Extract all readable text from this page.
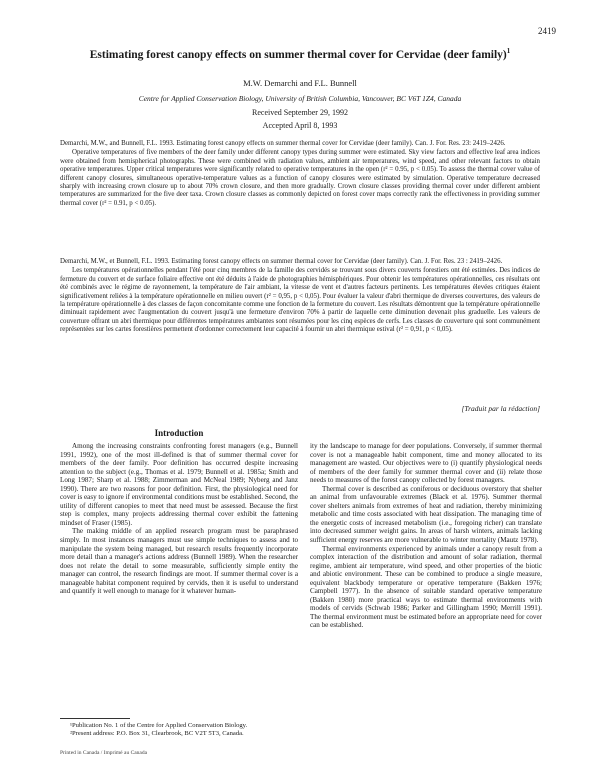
2419
Estimating forest canopy effects on summer thermal cover for Cervidae (deer family)$^1$
M.W. Demarchi and F.L. Bunnell
Centre for Applied Conservation Biology, University of British Columbia, Vancouver, BC V6T 1Z4, Canada
Received September 29, 1992
Accepted April 8, 1993
Demarchi, M.W., and Bunnell, F.L. 1993. Estimating forest canopy effects on summer thermal cover for Cervidae (deer family). Can. J. For. Res. 23: 2419–2426.
Operative temperatures of five members of the deer family under different canopy types during summer were estimated. Sky view factors and effective leaf area indices were obtained from hemispherical photographs. These were combined with radiation values, ambient air temperatures, wind speed, and other relevant factors to obtain operative temperatures. Upper critical temperatures were significantly related to operative temperatures in the open (r² = 0.95, p < 0.05). To assess the thermal cover value of different canopy closures, simultaneous operative-temperature values as a function of canopy closures were estimated by simulation. Operative temperature decreased sharply with increasing crown closure up to about 70% crown closure, and then more gradually. Crown closure classes providing thermal cover under different ambient temperatures are summarized for the five deer taxa. Crown closure classes as commonly depicted on forest cover maps correctly rank the effectiveness in providing summer thermal cover (r² = 0.91, p < 0.05).
Demarchi, M.W., et Bunnell, F.L. 1993. Estimating forest canopy effects on summer thermal cover for Cervidae (deer family). Can. J. For. Res. 23 : 2419–2426.
Les températures opérationnelles pendant l'été pour cinq membres de la famille des cervidés se trouvant sous divers couverts forestiers ont été estimées. Des indices de fermeture du couvert et de surface foliaire effective ont été déduits à l'aide de photographies hémisphériques. Pour obtenir les températures opérationnelles, ces résultats ont été combinés avec le régime de rayonnement, la température de l'air ambiant, la vitesse de vent et d'autres facteurs pertinents. Les températures élevées critiques étaient significativement reliées à la température opérationnelle en milieu ouvert (r² = 0,95, p < 0,05). Pour évaluer la valeur d'abri thermique de diverses couvertures, des valeurs de la température opérationnelle à des classes de façon concomitante comme une fonction de la fermeture du couvert. Les résultats démontrent que la température opérationnelle diminuait rapidement avec l'augmentation du couvert jusqu'à une fermeture d'environ 70% à partir de laquelle cette diminution devenait plus graduelle. Les valeurs de couverture offrant un abri thermique pour différentes températures ambiantes sont résumées pour les cinq espèces de cerfs. Les classes de couverture qui sont communément représentées sur les cartes forestières permettent d'ordonner correctement leur capacité à fournir un abri thermique estival (r² = 0,91, p < 0,05).
[Traduit par la rédaction]
Introduction

Among the increasing constraints confronting forest managers (e.g., Bunnell 1991, 1992), one of the most ill-defined is that of summer thermal cover for members of the deer family. Poor definition has occurred despite increasing attention to the subject (e.g., Thomas et al. 1979; Bunnell et al. 1985a; Smith and Long 1987; Sharp et al. 1988; Zimmerman and McNeal 1989; Nyberg and Janz 1990). There are two reasons for poor definition. First, the physiological need for cover is easy to ignore if environmental conditions must be established. Second, the utility of different canopies to meet that need must be assessed. Because the first step is complex, many projects addressing thermal cover exhibit the fattening mindset of Fraser (1985).

The making middle of an applied research program must be paraphrased simply. In most instances managers must use simple techniques to assess and to manipulate the system being managed, but research results frequently incorporate more detail than a manager's actions address (Bunnell 1989). When the researcher does not relate the detail to some measurable, sufficiently simple entity the manager can control, the research findings are moot. If summer thermal cover is a manageable habitat component required by cervids, then it is useful to understand and quantify it well enough to manage for it whatever human-

ity the landscape to manage for deer populations. Conversely, if summer thermal cover is not a manageable habit component, time and money allocated to its management are wasted. Our objectives were to (i) quantify physiological needs of members of the deer family for summer thermal cover and (ii) relate those needs to measures of the forest canopy collected by forest managers.

Thermal cover is described as coniferous or deciduous overstory that shelter an animal from unfavourable extremes (Black et al. 1976). Summer thermal cover shelters animals from extremes of heat and radiation, thereby minimizing metabolic and time costs associated with heat dissipation. The managing time of the energetic costs of increased metabolism (i.e., foregoing richer) can translate into decreased summer weight gains. In areas of harsh winters, animals lacking sufficient energy reserves are more vulnerable to winter mortality (Mautz 1978).

Thermal environments experienced by animals under a canopy result from a complex interaction of the distribution and amount of solar radiation, thermal regime, ambient air temperature, wind speed, and other properties of the biotic and abiotic environment. These can be combined to produce a single measure, equivalent blackbody temperature or operative temperature (Bakken 1976; Campbell 1977). In the absence of suitable standard operative temperature (Bakken 1980) more practical ways to estimate thermal environments with models of cervids (Schwab 1986; Parker and Gillingham 1990; Merrill 1991). The thermal environment must be estimated before an appropriate need for cover can be established.

¹Publication No. 1 of the Centre for Applied Conservation Biology.
²Present address: P.O. Box 31, Clearbrook, BC V2T 5T3, Canada.
Printed in Canada / Imprimé au Canada
